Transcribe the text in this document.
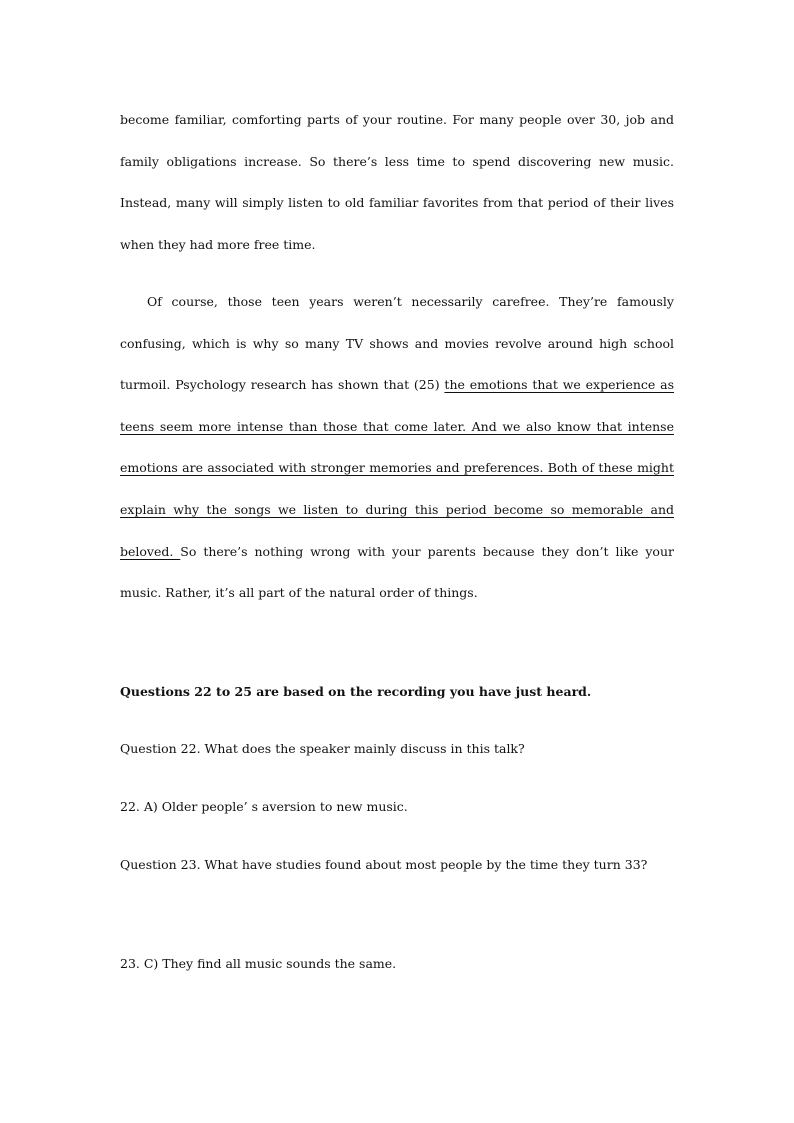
become familiar, comforting parts of your routine. For many people over 30, job and family obligations increase. So there’s less time to spend discovering new music. Instead, many will simply listen to old familiar favorites from that period of their lives when they had more free time.

Of course, those teen years weren’t necessarily carefree. They’re famously confusing, which is why so many TV shows and movies revolve around high school turmoil. Psychology research has shown that (25) the emotions that we experience as teens seem more intense than those that come later. And we also know that intense emotions are associated with stronger memories and preferences. Both of these might explain why the songs we listen to during this period become so memorable and beloved. So there’s nothing wrong with your parents because they don’t like your music. Rather, it’s all part of the natural order of things.

Questions 22 to 25 are based on the recording you have just heard.

Question 22. What does the speaker mainly discuss in this talk?

22. A) Older people’ s aversion to new music.

Question 23. What have studies found about most people by the time they turn 33?

23. C) They find all music sounds the same.
